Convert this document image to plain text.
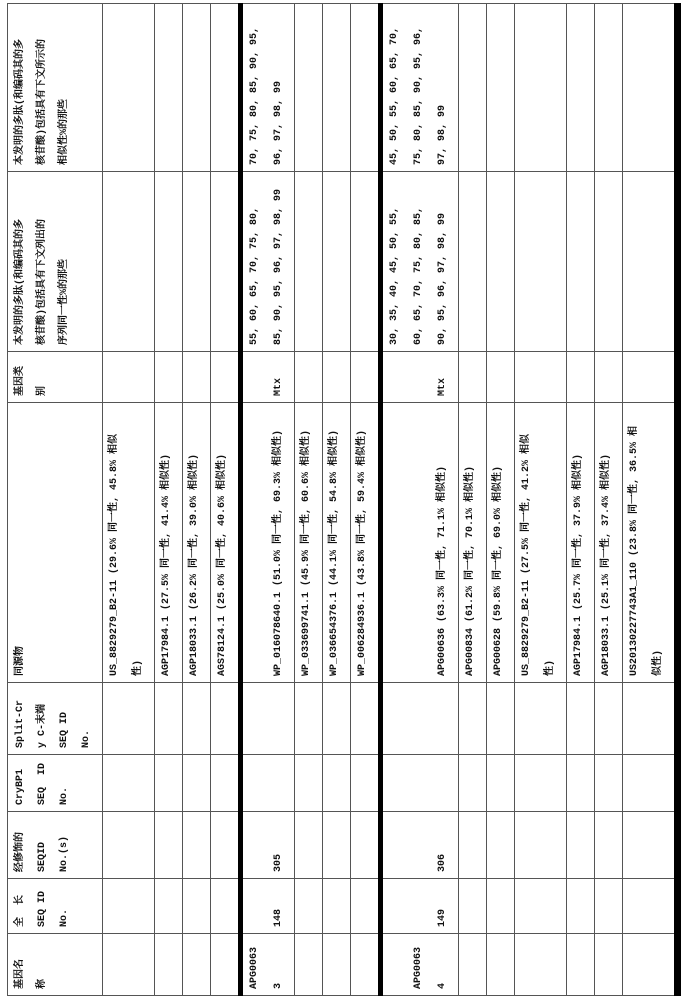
基因名
称	全  长
SEQ ID
No.	经修饰的
SEQID
No.(s)	CryBP1
SEQ  ID
No.	Split-Cr
y C-末端
SEQ ID
No.	同源物	基因类
别	本发明的多肽(和编码其的多
核苷酸)包括具有下文列出的
序列同一性%的那些	本发明的多肽(和编码其的多
核苷酸)包括具有下文所示的
相似性%的那些
					US_8829279_B2-11 (29.6% 同一性, 45.8% 相似
性)								AGP17984.1 (27.5% 同一性, 41.4% 相似性)								AGP18033.1 (26.2% 同一性, 39.0% 相似性)								AGS78124.1 (25.0% 同一性, 40.6% 相似性)			
APG0063
3	148	305			WP_016078640.1 (51.0% 同一性, 69.3% 相似性)	Mtx	55, 60, 65, 70, 75, 80,
85, 90, 95, 96, 97, 98, 99	70, 75, 80, 85, 90, 95,
96, 97, 98, 99
					WP_033699741.1 (45.9% 同一性, 60.6% 相似性)								WP_036654376.1 (44.1% 同一性, 54.8% 相似性)								WP_006284936.1 (43.8% 同一性, 59.4% 相似性)			
APG0063
4	149	306			APG00636 (63.3% 同一性, 71.1% 相似性)	Mtx	30, 35, 40, 45, 50, 55,
60, 65, 70, 75, 80, 85,
90, 95, 96, 97, 98, 99	45, 50, 55, 60, 65, 70,
75, 80, 85, 90, 95, 96,
97, 98, 99
					APG00834 (61.2% 同一性, 70.1% 相似性)								APG00628 (59.8% 同一性, 69.0% 相似性)								US_8829279_B2-11 (27.5% 同一性, 41.2% 相似
性)								AGP17984.1 (25.7% 同一性, 37.9% 相似性)								AGP18033.1 (25.1% 同一性, 37.4% 相似性)								US20130227743A1_110 (23.8% 同一性, 36.5% 相
似性)			
